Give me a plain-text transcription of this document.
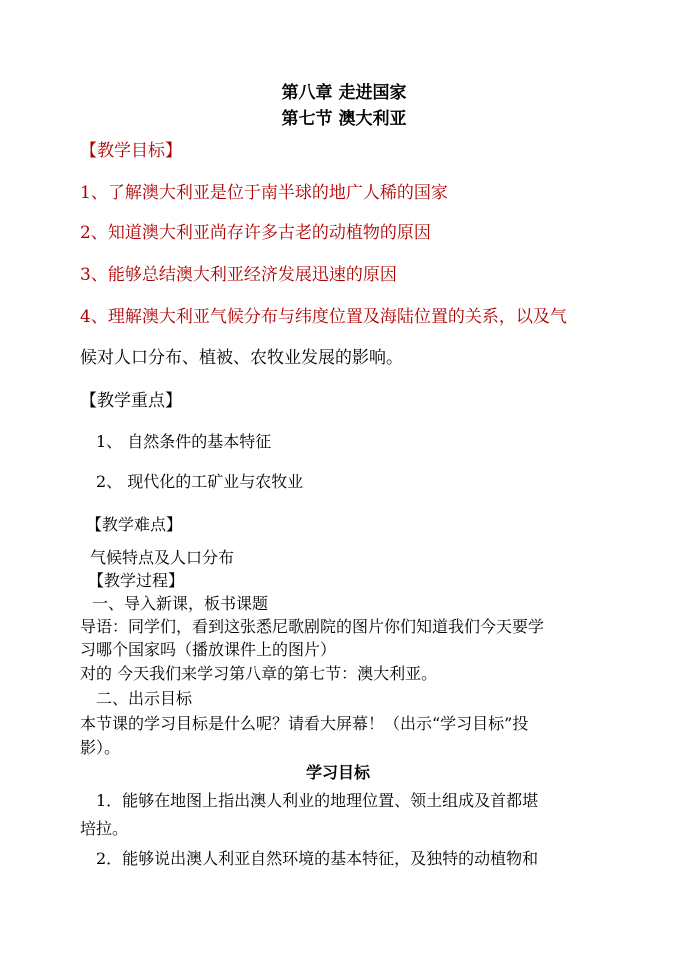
第八章 走进国家
第七节 澳大利亚
【教学目标】
1、了解澳大利亚是位于南半球的地广人稀的国家
2、知道澳大利亚尚存许多古老的动植物的原因
3、能够总结澳大利亚经济发展迅速的原因
4、理解澳大利亚气候分布与纬度位置及海陆位置的关系，以及气
候对人口分布、植被、农牧业发展的影响。
【教学重点】
1、 自然条件的基本特征
2、 现代化的工矿业与农牧业
【教学难点】
气候特点及人口分布
【教学过程】
一、导入新课，板书课题
导语：同学们，看到这张悉尼歌剧院的图片你们知道我们今天要学
习哪个国家吗（播放课件上的图片）
对的 今天我们来学习第八章的第七节：澳大利亚。
二、出示目标
本节课的学习目标是什么呢？请看大屏幕！（出示“学习目标”投
影）。
学习目标
1．能够在地图上指出澳人利业的地理位置、领土组成及首都堪
培拉。
2．能够说出澳人利亚自然环境的基本特征，及独特的动植物和
